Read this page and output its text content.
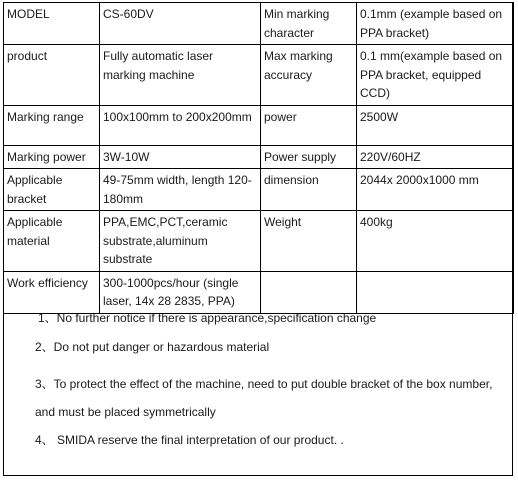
MODEL	CS-60DV	Min marking character	0.1mm (example based on PPA bracket)
product	Fully automatic laser marking machine	Max marking accuracy	0.1 mm(example based on PPA bracket, equipped CCD)
Marking range	100x100mm to 200x200mm	power	2500W
Marking power	3W-10W	Power supply	220V/60HZ
Applicable bracket	49-75mm width, length 120-180mm	dimension	2044x 2000x1000 mm
Applicable material	PPA,EMC,PCT,ceramic substrate,aluminum substrate	Weight	400kg
Work efficiency	300-1000pcs/hour (single laser, 14x 28 2835, PPA)		
1、No further notice if there is appearance,specification change
2、Do not put danger or hazardous material
3、To protect the effect of the machine, need to put double bracket of the box number,
and must be placed symmetrically
4、 SMIDA reserve the final interpretation of our product. .
